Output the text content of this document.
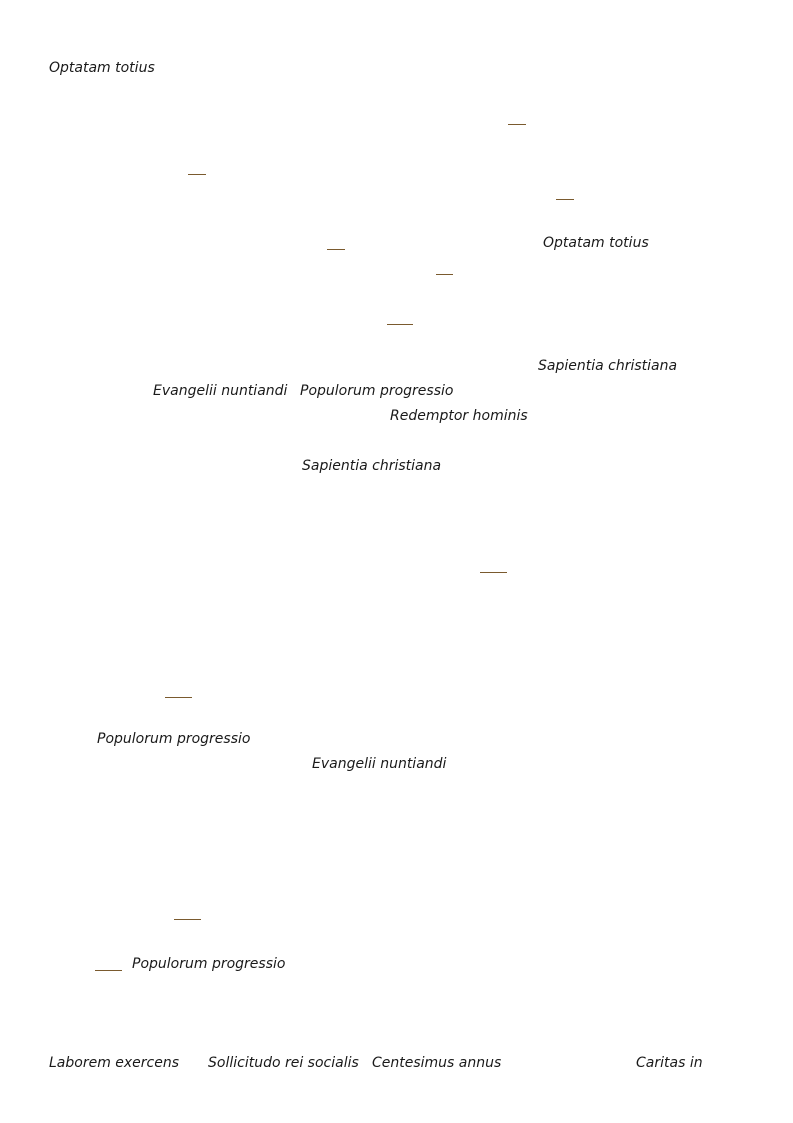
Optatam totius
Optatam totius
Sapientia christiana
Evangelii nuntiandi Populorum progressio
Redemptor hominis
Sapientia christiana
Populorum progressio
Evangelii nuntiandi
Populorum progressio
Laborem exercens Sollicitudo rei socialis Centesimus annus	Caritas in
